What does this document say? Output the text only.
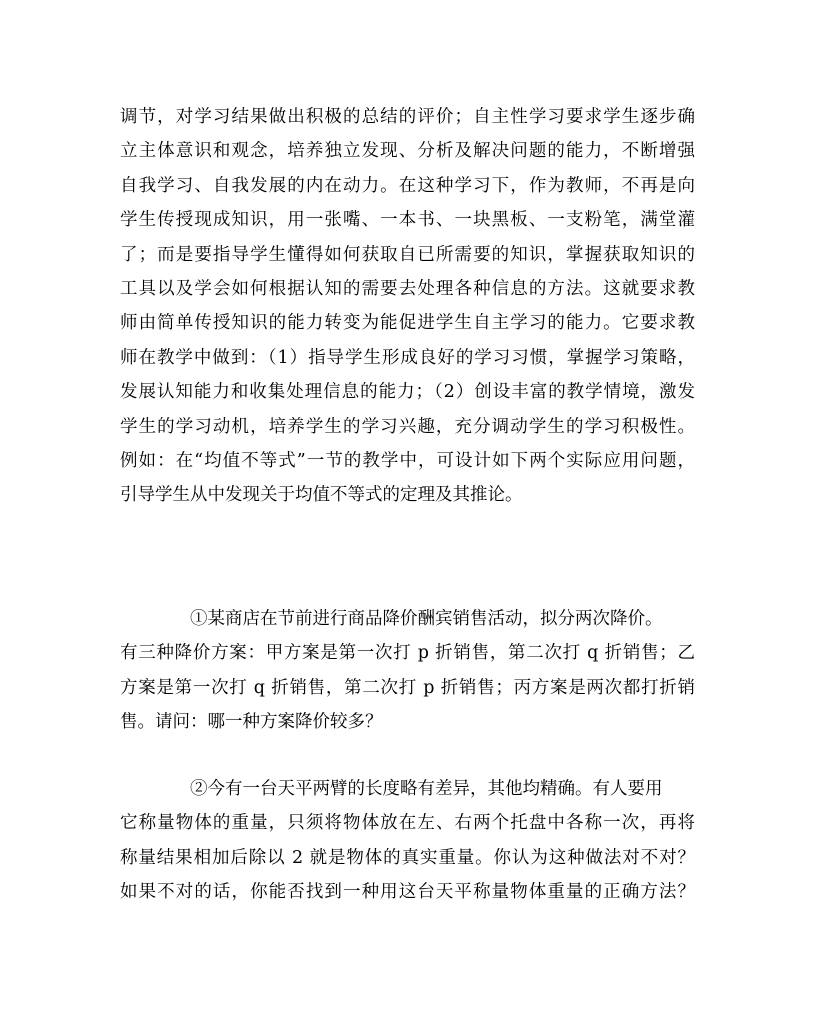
调节，对学习结果做出积极的总结的评价；自主性学习要求学生逐步确
立主体意识和观念，培养独立发现、分析及解决问题的能力，不断增强
自我学习、自我发展的内在动力。在这种学习下，作为教师，不再是向
学生传授现成知识，用一张嘴、一本书、一块黑板、一支粉笔，满堂灌
了；而是要指导学生懂得如何获取自已所需要的知识，掌握获取知识的
工具以及学会如何根据认知的需要去处理各种信息的方法。这就要求教
师由简单传授知识的能力转变为能促进学生自主学习的能力。它要求教
师在教学中做到：（1）指导学生形成良好的学习习惯，掌握学习策略，
发展认知能力和收集处理信息的能力；（2）创设丰富的教学情境，激发
学生的学习动机，培养学生的学习兴趣，充分调动学生的学习积极性。
例如：在“均值不等式”一节的教学中，可设计如下两个实际应用问题，
引导学生从中发现关于均值不等式的定理及其推论。
①某商店在节前进行商品降价酬宾销售活动，拟分两次降价。
有三种降价方案：甲方案是第一次打 p 折销售，第二次打 q 折销售；乙
方案是第一次打 q 折销售，第二次打 p 折销售；丙方案是两次都打折销
售。请问：哪一种方案降价较多？
②今有一台天平两臂的长度略有差异，其他均精确。有人要用
它称量物体的重量，只须将物体放在左、右两个托盘中各称一次，再将
称量结果相加后除以 2 就是物体的真实重量。你认为这种做法对不对？
如果不对的话，你能否找到一种用这台天平称量物体重量的正确方法？
